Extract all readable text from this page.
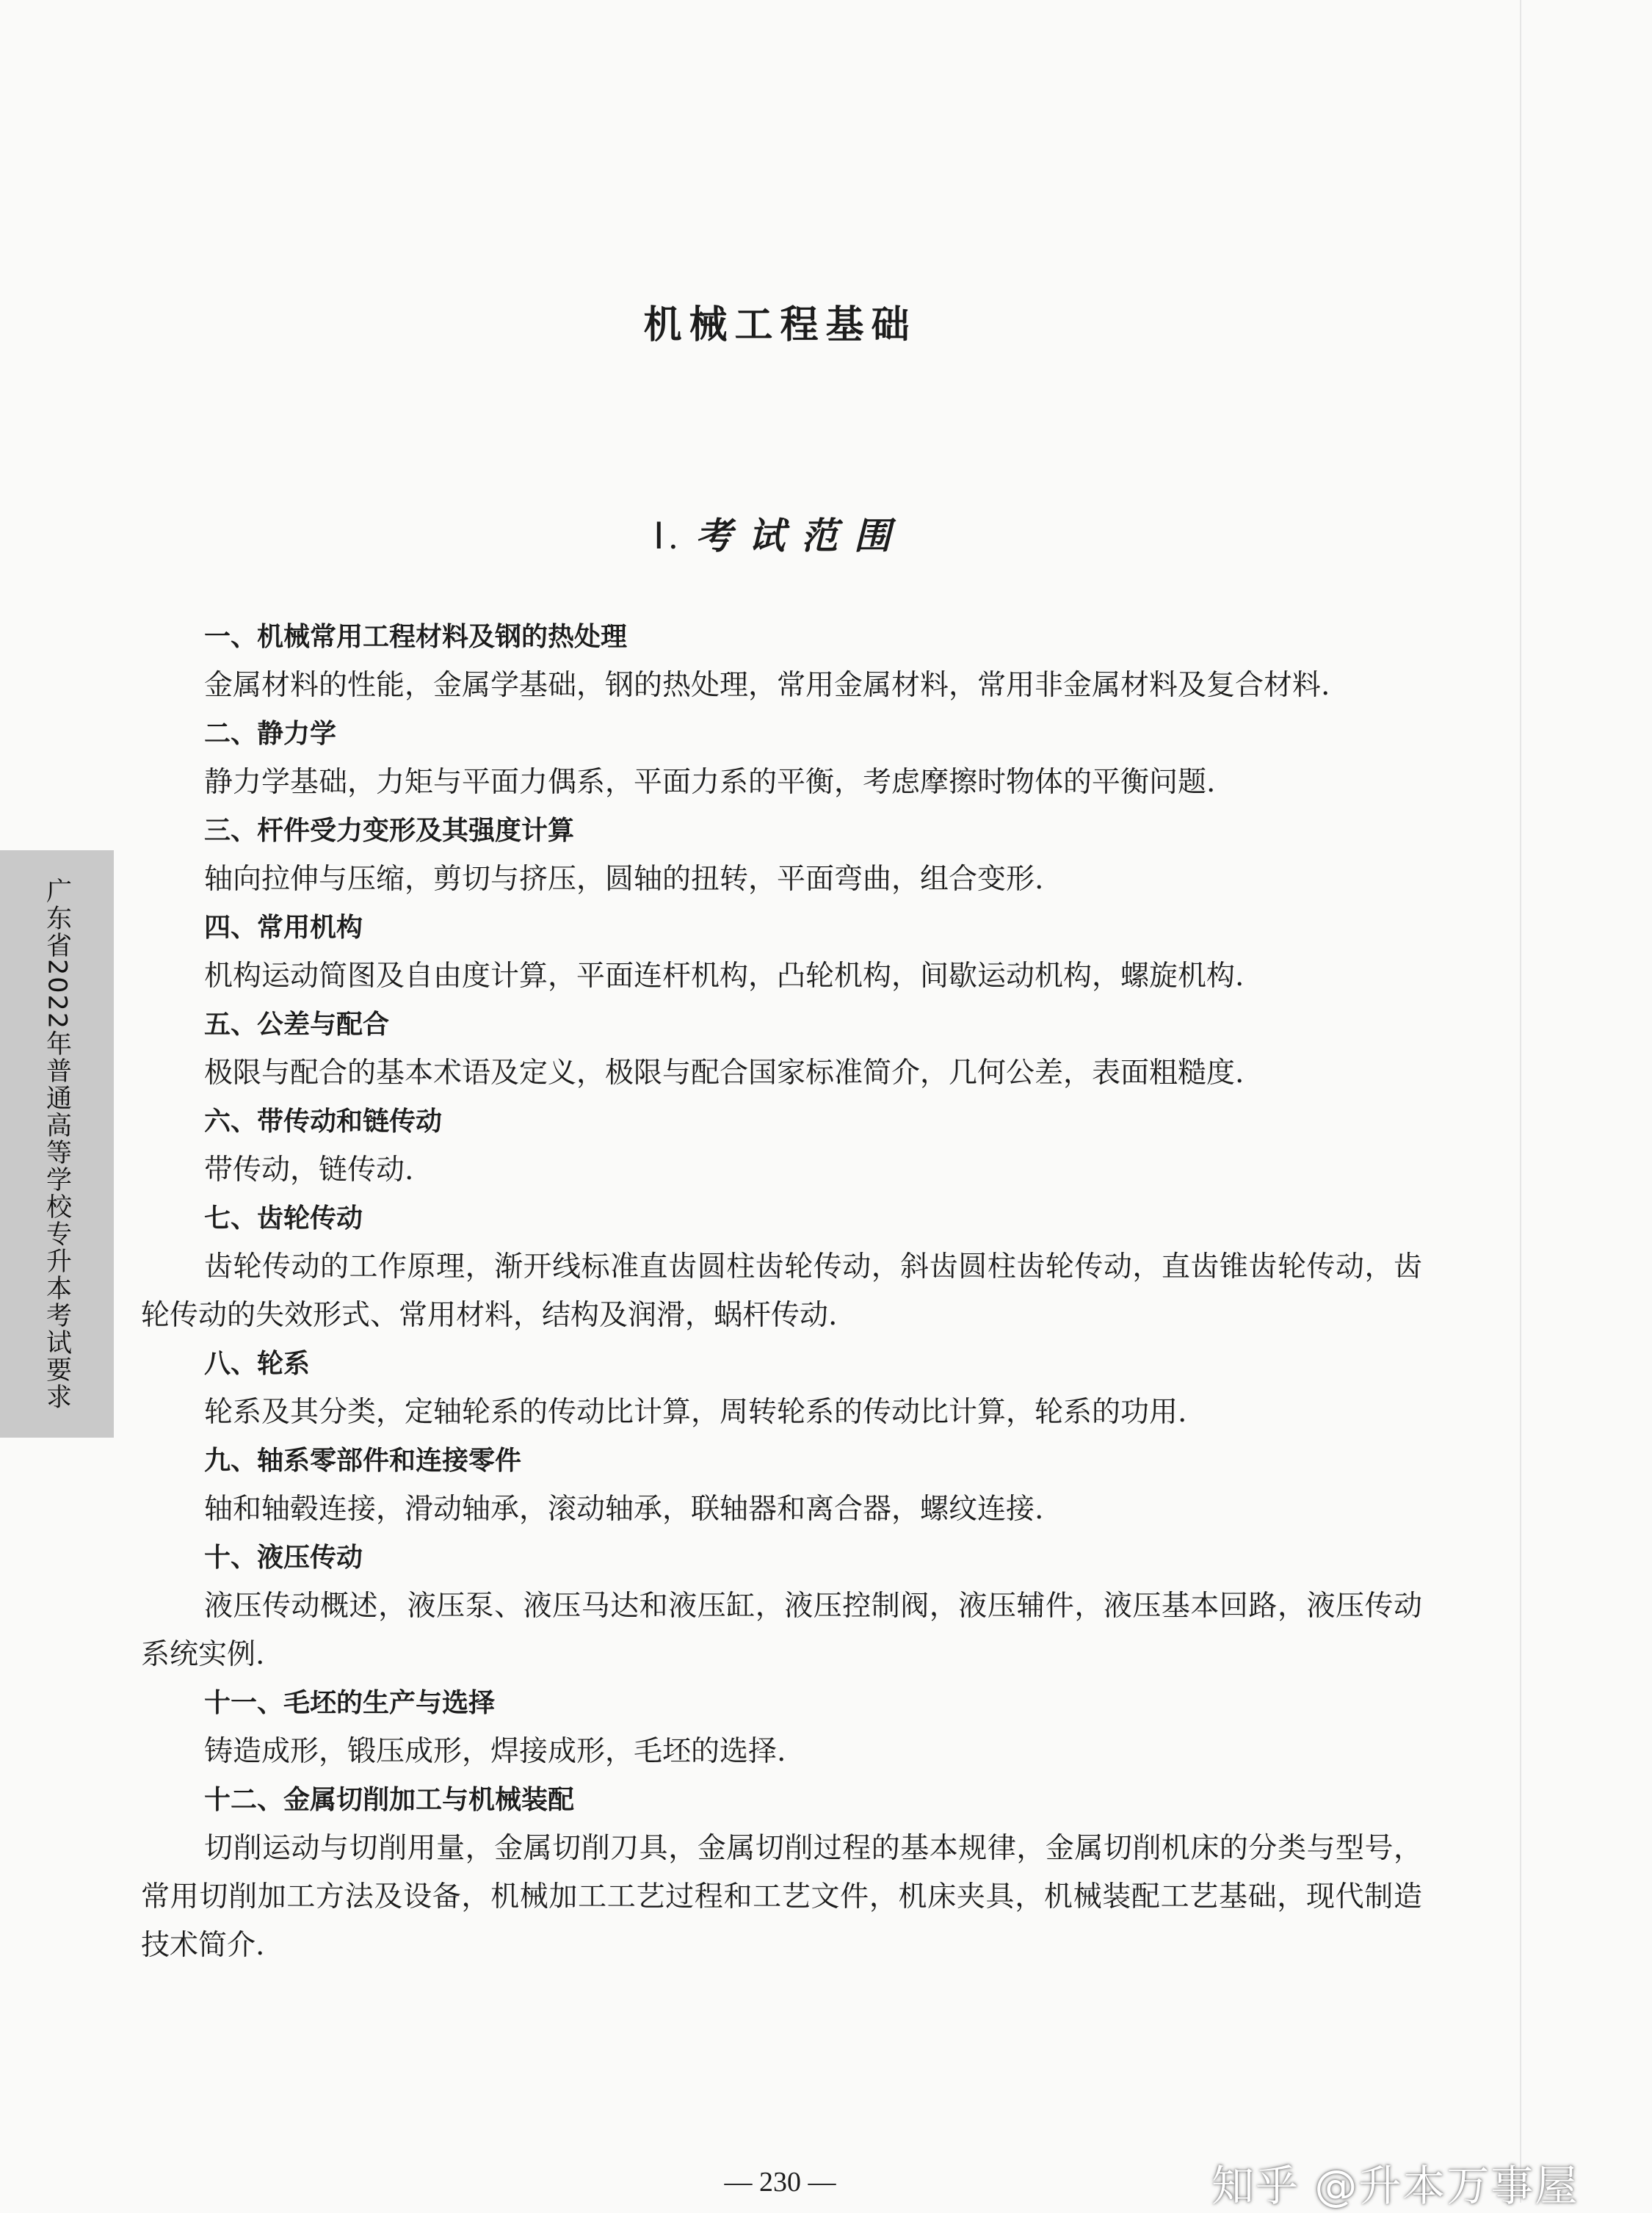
机械工程基础
Ⅰ. 考试范围
广东省2022年普通高等学校专升本考试要求

一、机械常用工程材料及钢的热处理

金属材料的性能，金属学基础，钢的热处理，常用金属材料，常用非金属材料及复合材料.

二、静力学

静力学基础，力矩与平面力偶系，平面力系的平衡，考虑摩擦时物体的平衡问题.

三、杆件受力变形及其强度计算

轴向拉伸与压缩，剪切与挤压，圆轴的扭转，平面弯曲，组合变形.

四、常用机构

机构运动简图及自由度计算，平面连杆机构，凸轮机构，间歇运动机构，螺旋机构.

五、公差与配合

极限与配合的基本术语及定义，极限与配合国家标准简介，几何公差，表面粗糙度.

六、带传动和链传动

带传动，链传动.

七、齿轮传动

齿轮传动的工作原理，渐开线标准直齿圆柱齿轮传动，斜齿圆柱齿轮传动，直齿锥齿轮传动，齿轮传动的失效形式、常用材料，结构及润滑，蜗杆传动.

八、轮系

轮系及其分类，定轴轮系的传动比计算，周转轮系的传动比计算，轮系的功用.

九、轴系零部件和连接零件

轴和轴毂连接，滑动轴承，滚动轴承，联轴器和离合器，螺纹连接.

十、液压传动

液压传动概述，液压泵、液压马达和液压缸，液压控制阀，液压辅件，液压基本回路，液压传动系统实例.

十一、毛坯的生产与选择

铸造成形，锻压成形，焊接成形，毛坯的选择.

十二、金属切削加工与机械装配

切削运动与切削用量，金属切削刀具，金属切削过程的基本规律，金属切削机床的分类与型号，常用切削加工方法及设备，机械加工工艺过程和工艺文件，机床夹具，机械装配工艺基础，现代制造技术简介.

— 230 —	知乎 @升本万事屋
